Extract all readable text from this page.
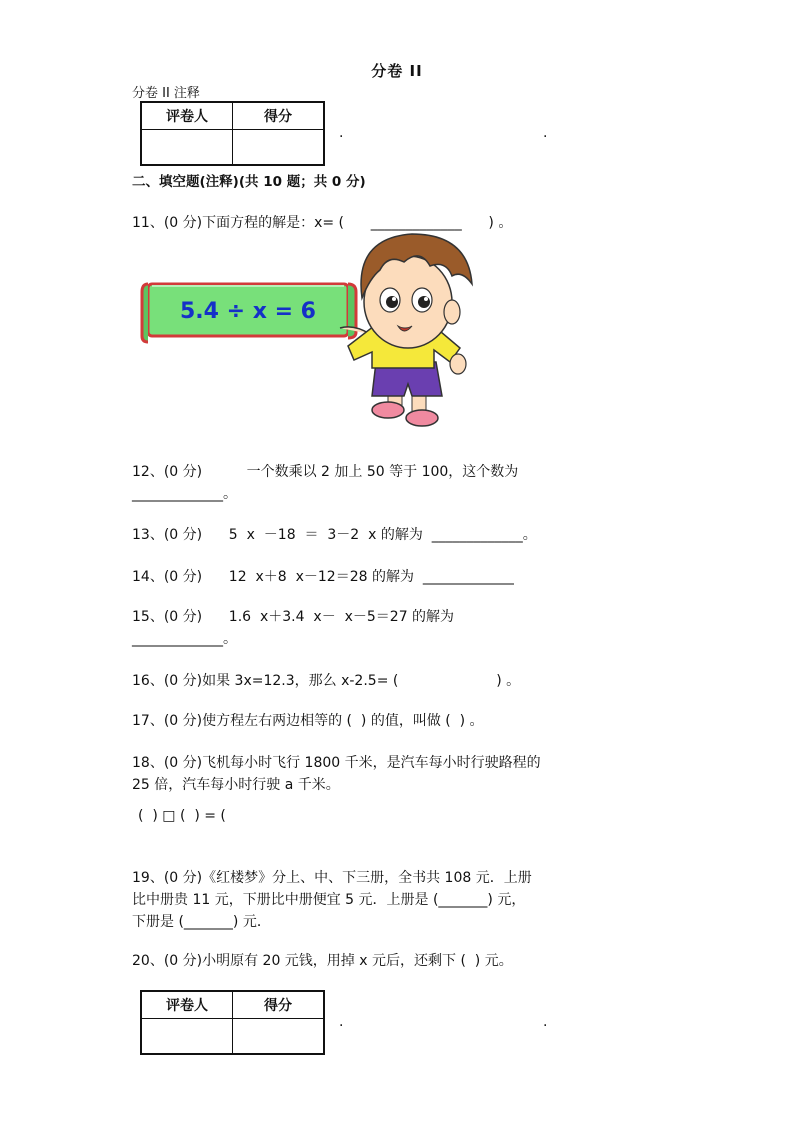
分卷 II
分卷 II 注释
评卷人	得分

.	.
二、填空题(注释)(共 10 题；共 0 分)
11、(0 分)下面方程的解是：x= (      _____________      ) 。
5.4 ÷ x = 6
12、(0 分)          一个数乘以 2 加上 50 等于 100，这个数为
_____________。
13、(0 分)      5  x  －18  ＝  3－2  x 的解为  _____________。
14、(0 分)      12  x＋8  x－12＝28 的解为  _____________
15、(0 分)      1.6  x＋3.4  x－  x－5＝27 的解为
_____________。
16、(0 分)如果 3x=12.3，那么 x-2.5= (                      ) 。
17、(0 分)使方程左右两边相等的 (  ) 的值，叫做 (  ) 。
18、(0 分)飞机每小时飞行 1800 千米，是汽车每小时行驶路程的
25 倍，汽车每小时行驶 a 千米。
(  ) □ (  ) = (
19、(0 分)《红楼梦》分上、中、下三册，全书共 108 元．上册
比中册贵 11 元，下册比中册便宜 5 元．上册是 (_______) 元，
下册是 (_______) 元．
20、(0 分)小明原有 20 元钱，用掉 x 元后，还剩下 (  ) 元。
评卷人	得分

.	.
